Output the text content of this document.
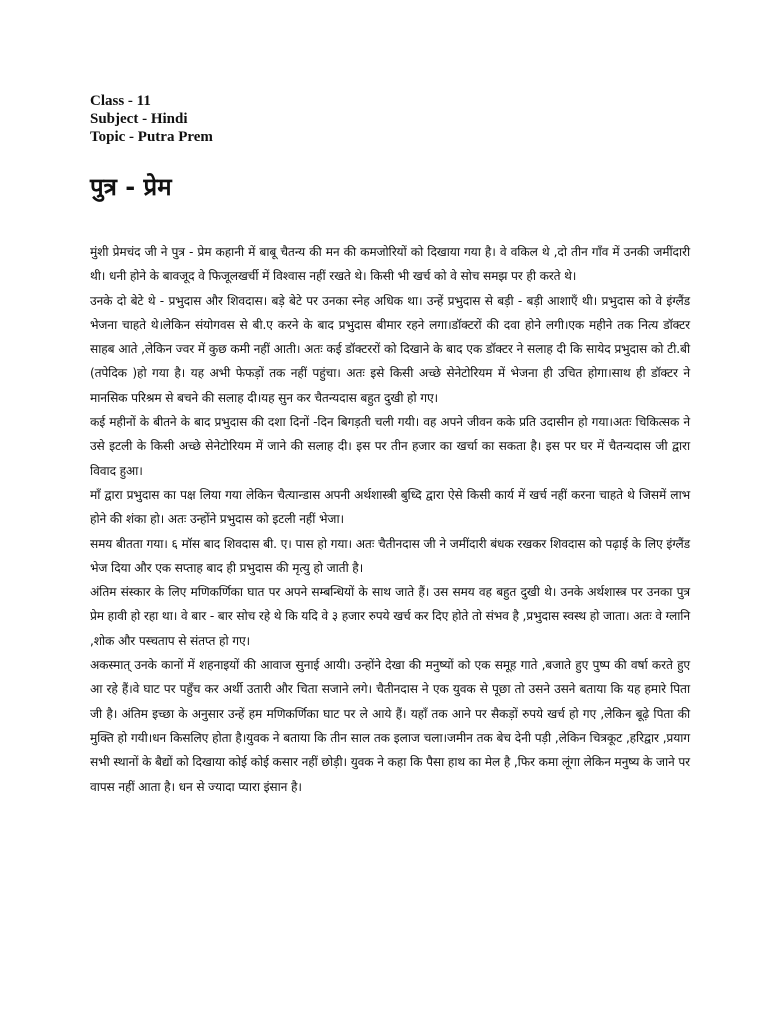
Class - 11
Subject - Hindi
Topic - Putra Prem
पुत्र - प्रेम

मुंशी प्रेमचंद जी ने पुत्र - प्रेम कहानी में बाबू चैतन्य की मन की कमजोरियों को दिखाया गया है। वे वकिल थे ,दो तीन गाँव में उनकी जमींदारी थी। धनी होने के बावजूद वे फिजूलखर्ची में विश्वास नहीं रखते थे। किसी भी खर्च को वे सोच समझ पर ही करते थे।

उनके दो बेटे थे - प्रभुदास और शिवदास। बड़े बेटे पर उनका स्नेह अधिक था। उन्हें प्रभुदास से बड़ी - बड़ी आशाएँ थी। प्रभुदास को वे इंग्लैंड भेजना चाहते थे।लेकिन संयोगवस से बी.ए करने के बाद प्रभुदास बीमार रहने लगा।डॉक्टरों की दवा होने लगी।एक महीने तक नित्य डॉक्टर साहब आते ,लेकिन ज्वर में कुछ कमी नहीं आती। अतः कई डॉक्टररों को दिखाने के बाद एक डॉक्टर ने सलाह दी कि सायेद प्रभुदास को टी.बी (तपेदिक )हो गया है। यह अभी फेफड़ों तक नहीं पहुंचा। अतः इसे किसी अच्छे सेनेटोरियम में भेजना ही उचित होगा।साथ ही डॉक्टर ने मानसिक परिश्रम से बचने की सलाह दी।यह सुन कर चैतन्यदास बहुत दुखी हो गए।

कई महीनों के बीतने के बाद प्रभुदास की दशा दिनों -दिन बिगड़ती चली गयी। वह अपने जीवन कके प्रति उदासीन हो गया।अतः चिकित्सक ने उसे इटली के किसी अच्छे सेनेटोरियम में जाने की सलाह दी। इस पर तीन हजार का खर्चा का सकता है। इस पर घर में चैतन्यदास जी द्वारा विवाद हुआ।

माँ द्वारा प्रभुदास का पक्ष लिया गया लेकिन चैत्यान्डास अपनी अर्थशास्त्री बुध्दि द्वारा ऐसे किसी कार्य में खर्च नहीं करना चाहते थे जिसमें लाभ होने की शंका हो। अतः उन्होंने प्रभुदास को इटली नहीं भेजा।

समय बीतता गया। ६ मॉस बाद शिवदास बी. ए। पास हो गया। अतः चैतीनदास जी ने जमींदारी बंधक रखकर शिवदास को पढ़ाई के लिए इंग्लैंड भेज दिया और एक सप्ताह बाद ही प्रभुदास की मृत्यु हो जाती है।

अंतिम संस्कार के लिए मणिकर्णिका घात पर अपने सम्बन्धियों के साथ जाते हैं। उस समय वह बहुत दुखी थे। उनके अर्थशास्त्र पर उनका पुत्र प्रेम हावी हो रहा था। वे बार - बार सोच रहे थे कि यदि वे ३ हजार रुपये खर्च कर दिए होते तो संभव है ,प्रभुदास स्वस्थ हो जाता। अतः वे ग्लानि ,शोक और पस्चताप से संतप्त हो गए।

अकस्मात् उनके कानों में शहनाइयों की आवाज सुनाई आयी। उन्होंने देखा की मनुष्यों को एक समूह गाते ,बजाते हुए पुष्प की वर्षा करते हुए आ रहे हैं।वे घाट पर पहुँच कर अर्थी उतारी और चिता सजाने लगे। चैतीनदास ने एक युवक से पूछा तो उसने उसने बताया कि यह हमारे पिता जी है। अंतिम इच्छा के अनुसार उन्हें हम मणिकर्णिका घाट पर ले आये हैं। यहाँ तक आने पर सैकड़ों रुपये खर्च हो गए ,लेकिन बूढ़े पिता की मुक्ति हो गयी।धन किसलिए होता है।युवक ने बताया कि तीन साल तक इलाज चला।जमीन तक बेच देनी पड़ी ,लेकिन चित्रकूट ,हरिद्वार ,प्रयाग सभी स्थानों के बैद्यों को दिखाया कोई कोई कसार नहीं छोड़ी। युवक ने कहा कि पैसा हाथ का मेल है ,फिर कमा लूंगा लेकिन मनुष्य के जाने पर वापस नहीं आता है। धन से ज्यादा प्यारा इंसान है।
